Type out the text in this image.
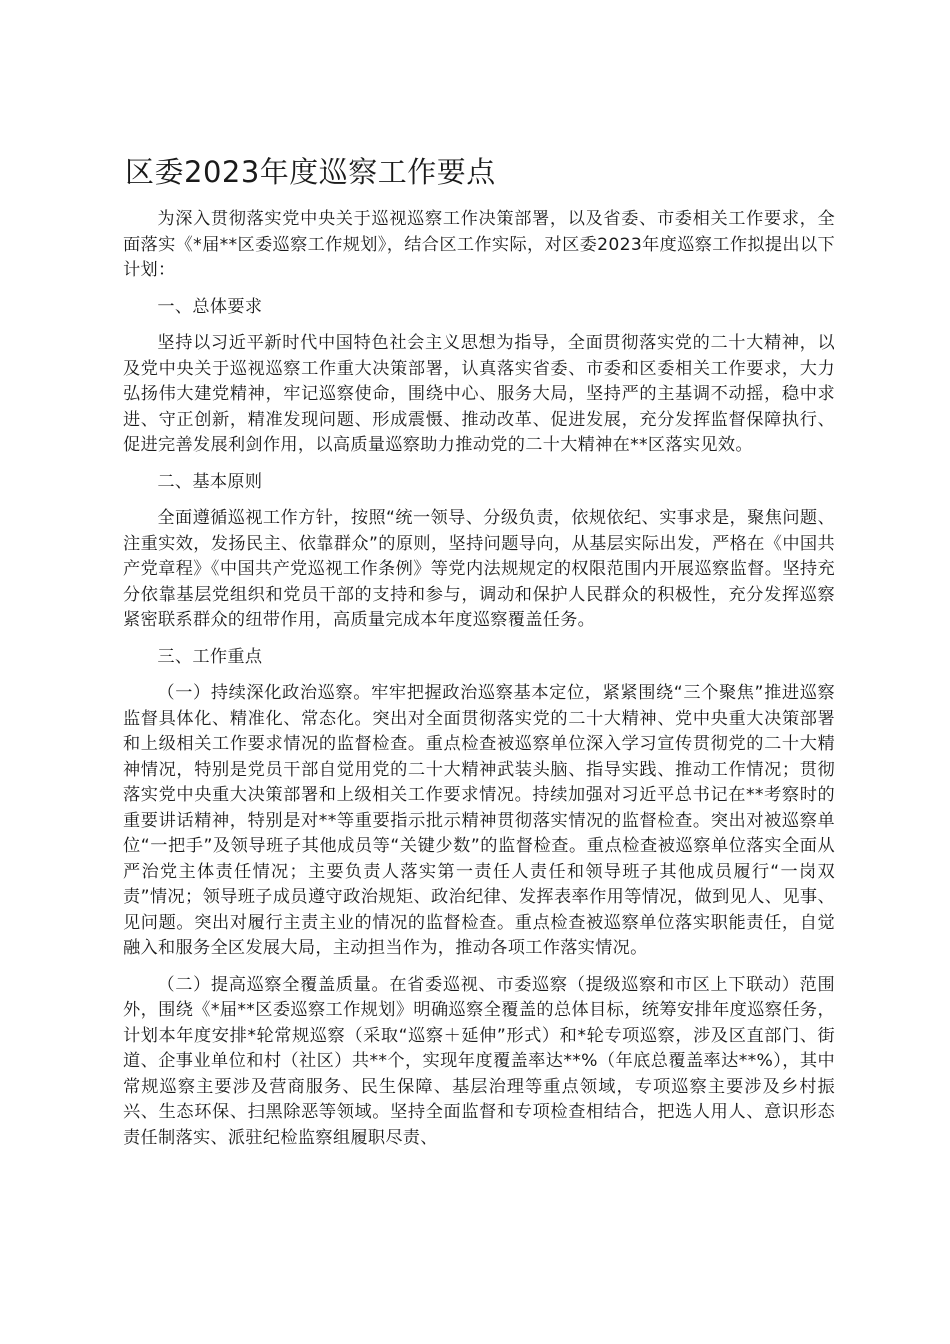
区委2023年度巡察工作要点

为深入贯彻落实党中央关于巡视巡察工作决策部署，以及省委、市委相关工作要求，全面落实《*届**区委巡察工作规划》，结合区工作实际，对区委2023年度巡察工作拟提出以下计划：

一、总体要求

坚持以习近平新时代中国特色社会主义思想为指导，全面贯彻落实党的二十大精神，以及党中央关于巡视巡察工作重大决策部署，认真落实省委、市委和区委相关工作要求，大力弘扬伟大建党精神，牢记巡察使命，围绕中心、服务大局，坚持严的主基调不动摇，稳中求进、守正创新，精准发现问题、形成震慑、推动改革、促进发展，充分发挥监督保障执行、促进完善发展利剑作用，以高质量巡察助力推动党的二十大精神在**区落实见效。

二、基本原则

全面遵循巡视工作方针，按照“统一领导、分级负责，依规依纪、实事求是，聚焦问题、注重实效，发扬民主、依靠群众”的原则，坚持问题导向，从基层实际出发，严格在《中国共产党章程》《中国共产党巡视工作条例》等党内法规规定的权限范围内开展巡察监督。坚持充分依靠基层党组织和党员干部的支持和参与，调动和保护人民群众的积极性，充分发挥巡察紧密联系群众的纽带作用，高质量完成本年度巡察覆盖任务。

三、工作重点

（一）持续深化政治巡察。牢牢把握政治巡察基本定位，紧紧围绕“三个聚焦”推进巡察监督具体化、精准化、常态化。突出对全面贯彻落实党的二十大精神、党中央重大决策部署和上级相关工作要求情况的监督检查。重点检查被巡察单位深入学习宣传贯彻党的二十大精神情况，特别是党员干部自觉用党的二十大精神武装头脑、指导实践、推动工作情况；贯彻落实党中央重大决策部署和上级相关工作要求情况。持续加强对习近平总书记在**考察时的重要讲话精神，特别是对**等重要指示批示精神贯彻落实情况的监督检查。突出对被巡察单位“一把手”及领导班子其他成员等“关键少数”的监督检查。重点检查被巡察单位落实全面从严治党主体责任情况；主要负责人落实第一责任人责任和领导班子其他成员履行“一岗双责”情况；领导班子成员遵守政治规矩、政治纪律、发挥表率作用等情况，做到见人、见事、见问题。突出对履行主责主业的情况的监督检查。重点检查被巡察单位落实职能责任，自觉融入和服务全区发展大局，主动担当作为，推动各项工作落实情况。

（二）提高巡察全覆盖质量。在省委巡视、市委巡察（提级巡察和市区上下联动）范围外，围绕《*届**区委巡察工作规划》明确巡察全覆盖的总体目标，统筹安排年度巡察任务，计划本年度安排*轮常规巡察（采取“巡察＋延伸”形式）和*轮专项巡察，涉及区直部门、街道、企事业单位和村（社区）共**个，实现年度覆盖率达**%（年底总覆盖率达**%），其中常规巡察主要涉及营商服务、民生保障、基层治理等重点领域，专项巡察主要涉及乡村振兴、生态环保、扫黑除恶等领域。坚持全面监督和专项检查相结合，把选人用人、意识形态责任制落实、派驻纪检监察组履职尽责、
